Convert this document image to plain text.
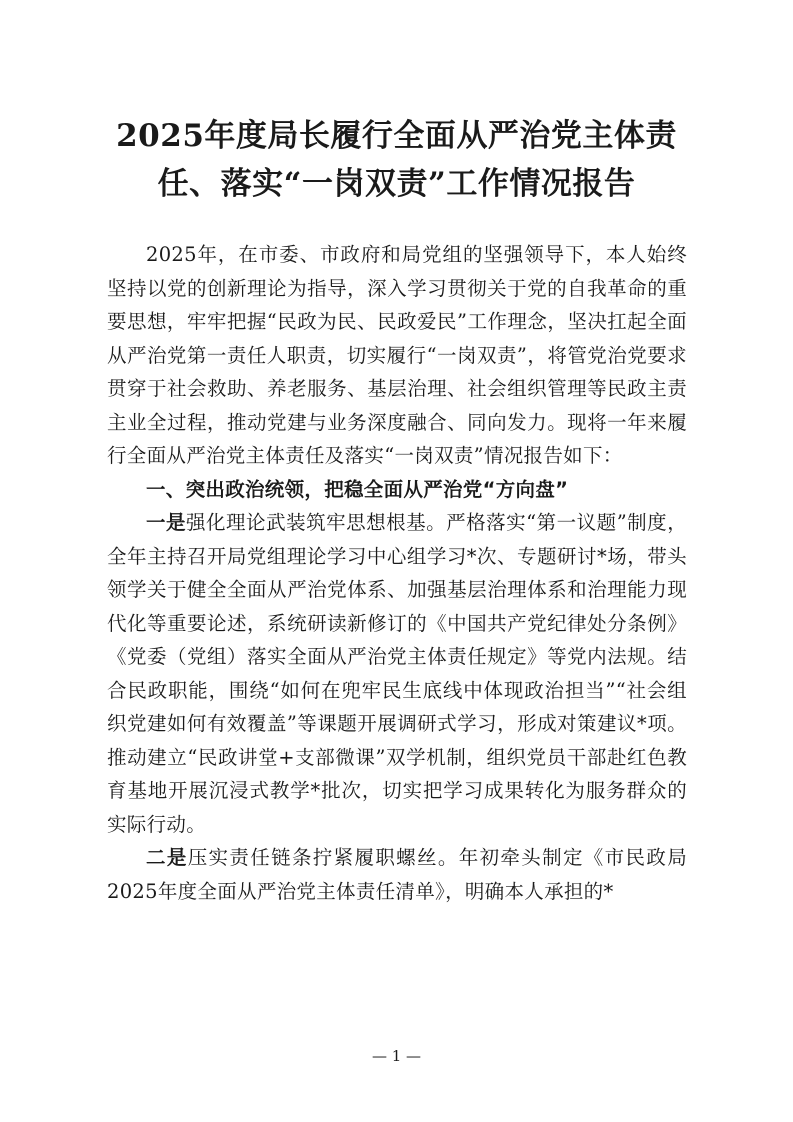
2025年度局长履行全面从严治党主体责
任、落实“一岗双责”工作情况报告

2025年，在市委、市政府和局党组的坚强领导下，本人始终坚持以党的创新理论为指导，深入学习贯彻关于党的自我革命的重要思想，牢牢把握“民政为民、民政爱民”工作理念，坚决扛起全面从严治党第一责任人职责，切实履行“一岗双责”，将管党治党要求贯穿于社会救助、养老服务、基层治理、社会组织管理等民政主责主业全过程，推动党建与业务深度融合、同向发力。现将一年来履行全面从严治党主体责任及落实“一岗双责”情况报告如下：

一、突出政治统领，把稳全面从严治党“方向盘”

一是强化理论武装筑牢思想根基。严格落实“第一议题”制度，全年主持召开局党组理论学习中心组学习*次、专题研讨*场，带头领学关于健全全面从严治党体系、加强基层治理体系和治理能力现代化等重要论述，系统研读新修订的《中国共产党纪律处分条例》《党委（党组）落实全面从严治党主体责任规定》等党内法规。结合民政职能，围绕“如何在兜牢民生底线中体现政治担当”“社会组织党建如何有效覆盖”等课题开展调研式学习，形成对策建议*项。推动建立“民政讲堂+支部微课”双学机制，组织党员干部赴红色教育基地开展沉浸式教学*批次，切实把学习成果转化为服务群众的实际行动。

二是压实责任链条拧紧履职螺丝。年初牵头制定《市民政局2025年度全面从严治党主体责任清单》，明确本人承担的*

— 1 —
